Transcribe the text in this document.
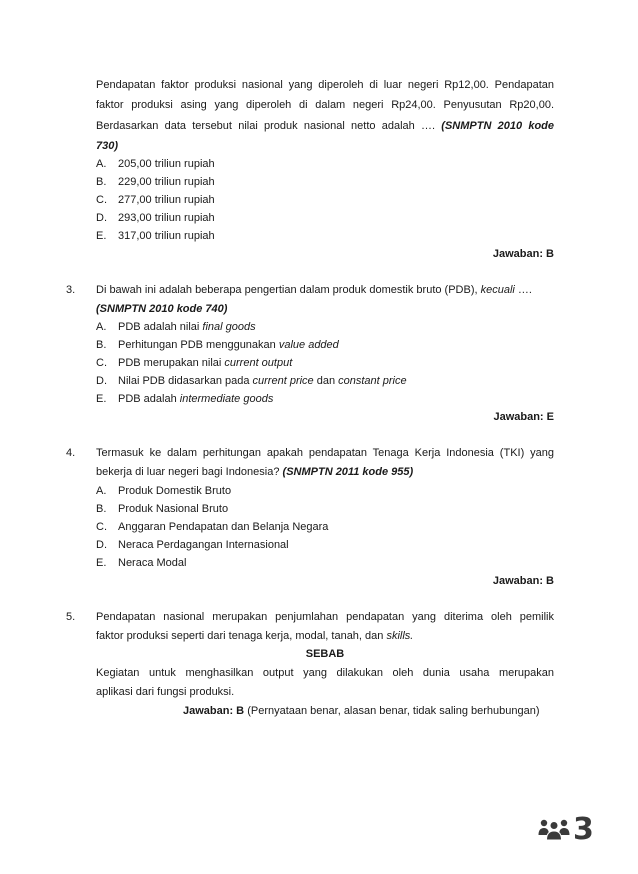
Pendapatan faktor produksi nasional yang diperoleh di luar negeri Rp12,00. Pendapatan
faktor produksi asing yang diperoleh di dalam negeri Rp24,00. Penyusutan Rp20,00.
Berdasarkan data tersebut nilai produk nasional netto adalah …. (SNMPTN 2010 kode
730)
A. 205,00 triliun rupiah
B. 229,00 triliun rupiah
C. 277,00 triliun rupiah
D. 293,00 triliun rupiah
E. 317,00 triliun rupiah
Jawaban: B
3. Di bawah ini adalah beberapa pengertian dalam produk domestik bruto (PDB), kecuali ….
(SNMPTN 2010 kode 740)
A. PDB adalah nilai final goods
B. Perhitungan PDB menggunakan value added
C. PDB merupakan nilai current output
D. Nilai PDB didasarkan pada current price dan constant price
E. PDB adalah intermediate goods
Jawaban: E
4. Termasuk ke dalam perhitungan apakah pendapatan Tenaga Kerja Indonesia (TKI) yang
bekerja di luar negeri bagi Indonesia? (SNMPTN 2011 kode 955)
A. Produk Domestik Bruto
B. Produk Nasional Bruto
C. Anggaran Pendapatan dan Belanja Negara
D. Neraca Perdagangan Internasional
E. Neraca Modal
Jawaban: B
5. Pendapatan nasional merupakan penjumlahan pendapatan yang diterima oleh pemilik
faktor produksi seperti dari tenaga kerja, modal, tanah, dan skills.
SEBAB
Kegiatan untuk menghasilkan output yang dilakukan oleh dunia usaha merupakan
aplikasi dari fungsi produksi.
Jawaban: B (Pernyataan benar, alasan benar, tidak saling berhubungan)
3
